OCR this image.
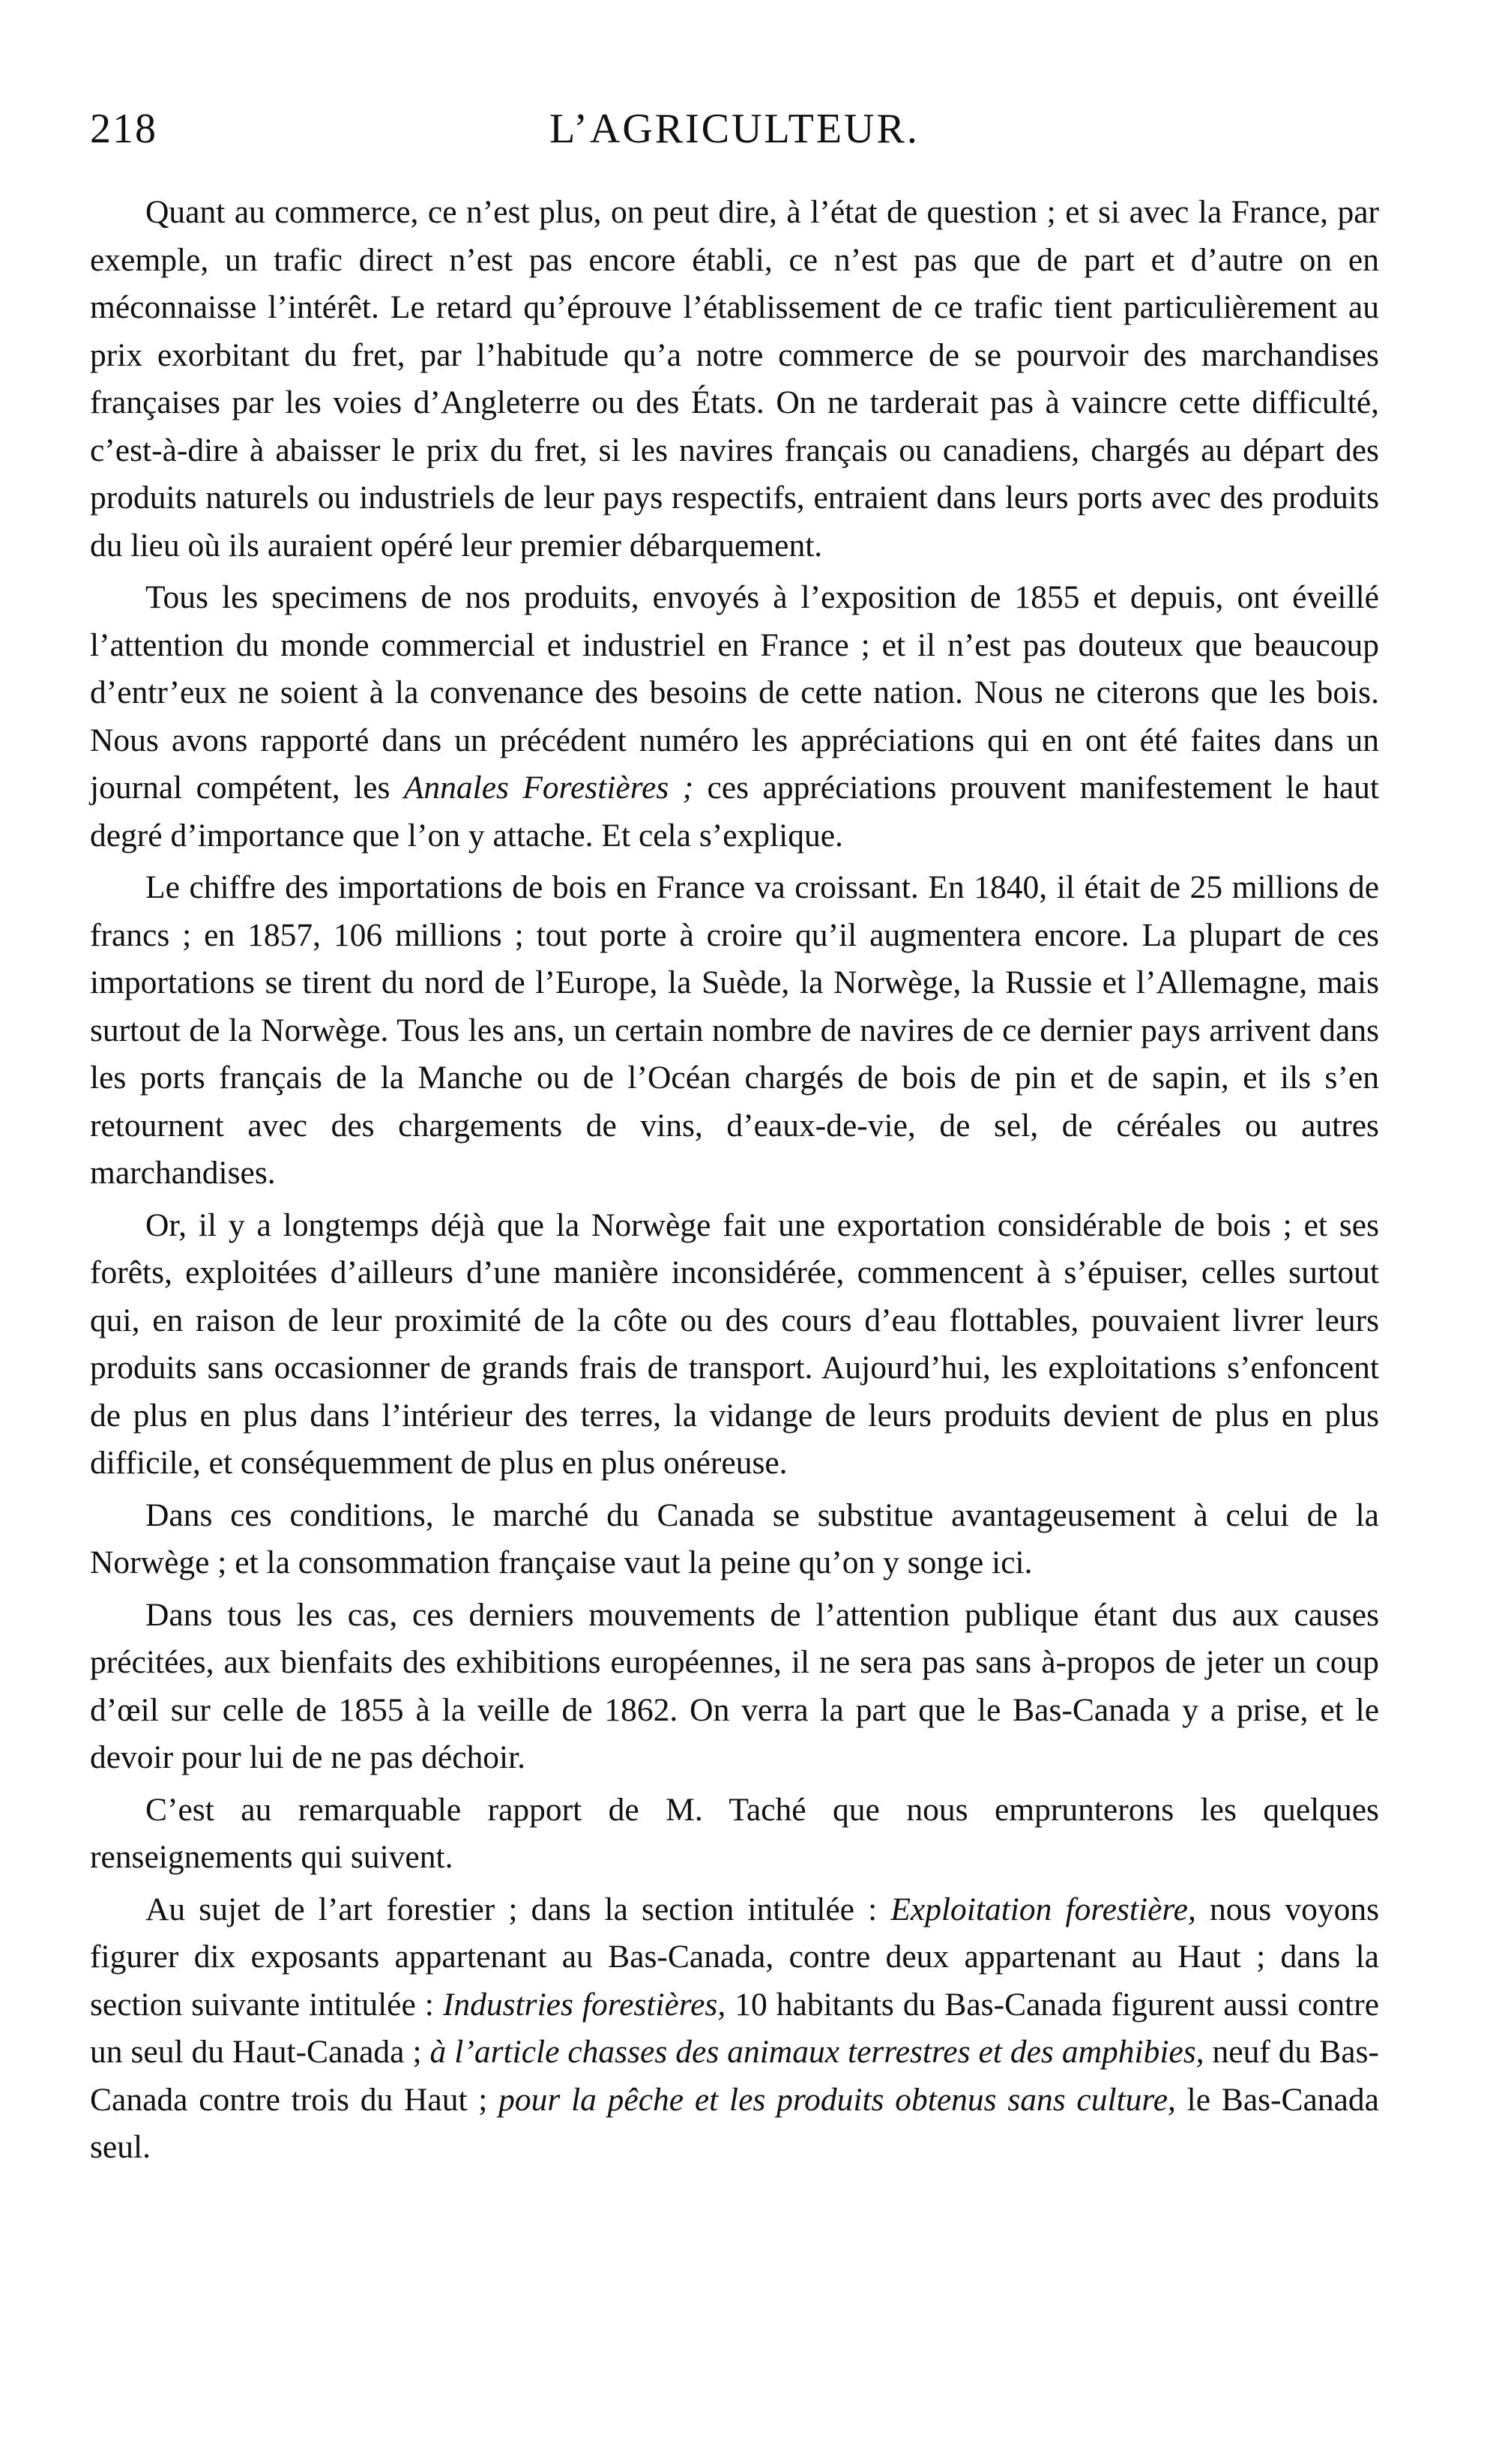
218	L’AGRICULTEUR.

Quant au commerce, ce n’est plus, on peut dire, à l’état de question ; et si avec la France, par exemple, un trafic direct n’est pas encore établi, ce n’est pas que de part et d’autre on en méconnaisse l’intérêt. Le retard qu’éprouve l’établissement de ce trafic tient particulièrement au prix exorbitant du fret, par l’habitude qu’a notre commerce de se pourvoir des marchandises françaises par les voies d’Angleterre ou des États. On ne tarderait pas à vaincre cette difficulté, c’est-à-dire à abaisser le prix du fret, si les navires français ou canadiens, chargés au départ des produits naturels ou industriels de leur pays respectifs, entraient dans leurs ports avec des produits du lieu où ils auraient opéré leur premier débarquement.

Tous les specimens de nos produits, envoyés à l’exposition de 1855 et depuis, ont éveillé l’attention du monde commercial et industriel en France ; et il n’est pas douteux que beaucoup d’entr’eux ne soient à la convenance des besoins de cette nation. Nous ne citerons que les bois. Nous avons rapporté dans un précédent numéro les appréciations qui en ont été faites dans un journal compétent, les Annales Forestières ; ces appréciations prouvent manifestement le haut degré d’importance que l’on y attache. Et cela s’explique.

Le chiffre des importations de bois en France va croissant. En 1840, il était de 25 millions de francs ; en 1857, 106 millions ; tout porte à croire qu’il augmentera encore. La plupart de ces importations se tirent du nord de l’Europe, la Suède, la Norwège, la Russie et l’Allemagne, mais surtout de la Norwège. Tous les ans, un certain nombre de navires de ce dernier pays arrivent dans les ports français de la Manche ou de l’Océan chargés de bois de pin et de sapin, et ils s’en retournent avec des chargements de vins, d’eaux-de-vie, de sel, de céréales ou autres marchandises.

Or, il y a longtemps déjà que la Norwège fait une exportation considérable de bois ; et ses forêts, exploitées d’ailleurs d’une manière inconsidérée, commencent à s’épuiser, celles surtout qui, en raison de leur proximité de la côte ou des cours d’eau flottables, pouvaient livrer leurs produits sans occasionner de grands frais de transport. Aujourd’hui, les exploitations s’enfoncent de plus en plus dans l’intérieur des terres, la vidange de leurs produits devient de plus en plus difficile, et conséquemment de plus en plus onéreuse.

Dans ces conditions, le marché du Canada se substitue avantageusement à celui de la Norwège ; et la consommation française vaut la peine qu’on y songe ici.

Dans tous les cas, ces derniers mouvements de l’attention publique étant dus aux causes précitées, aux bienfaits des exhibitions européennes, il ne sera pas sans à-propos de jeter un coup d’œil sur celle de 1855 à la veille de 1862. On verra la part que le Bas-Canada y a prise, et le devoir pour lui de ne pas déchoir.

C’est au remarquable rapport de M. Taché que nous emprunterons les quelques renseignements qui suivent.

Au sujet de l’art forestier ; dans la section intitulée : Exploitation forestière, nous voyons figurer dix exposants appartenant au Bas-Canada, contre deux appartenant au Haut ; dans la section suivante intitulée : Industries forestières, 10 habitants du Bas-Canada figurent aussi contre un seul du Haut-Canada ; à l’article chasses des animaux terrestres et des amphibies, neuf du Bas-Canada contre trois du Haut ; pour la pêche et les produits obtenus sans culture, le Bas-Canada seul.
